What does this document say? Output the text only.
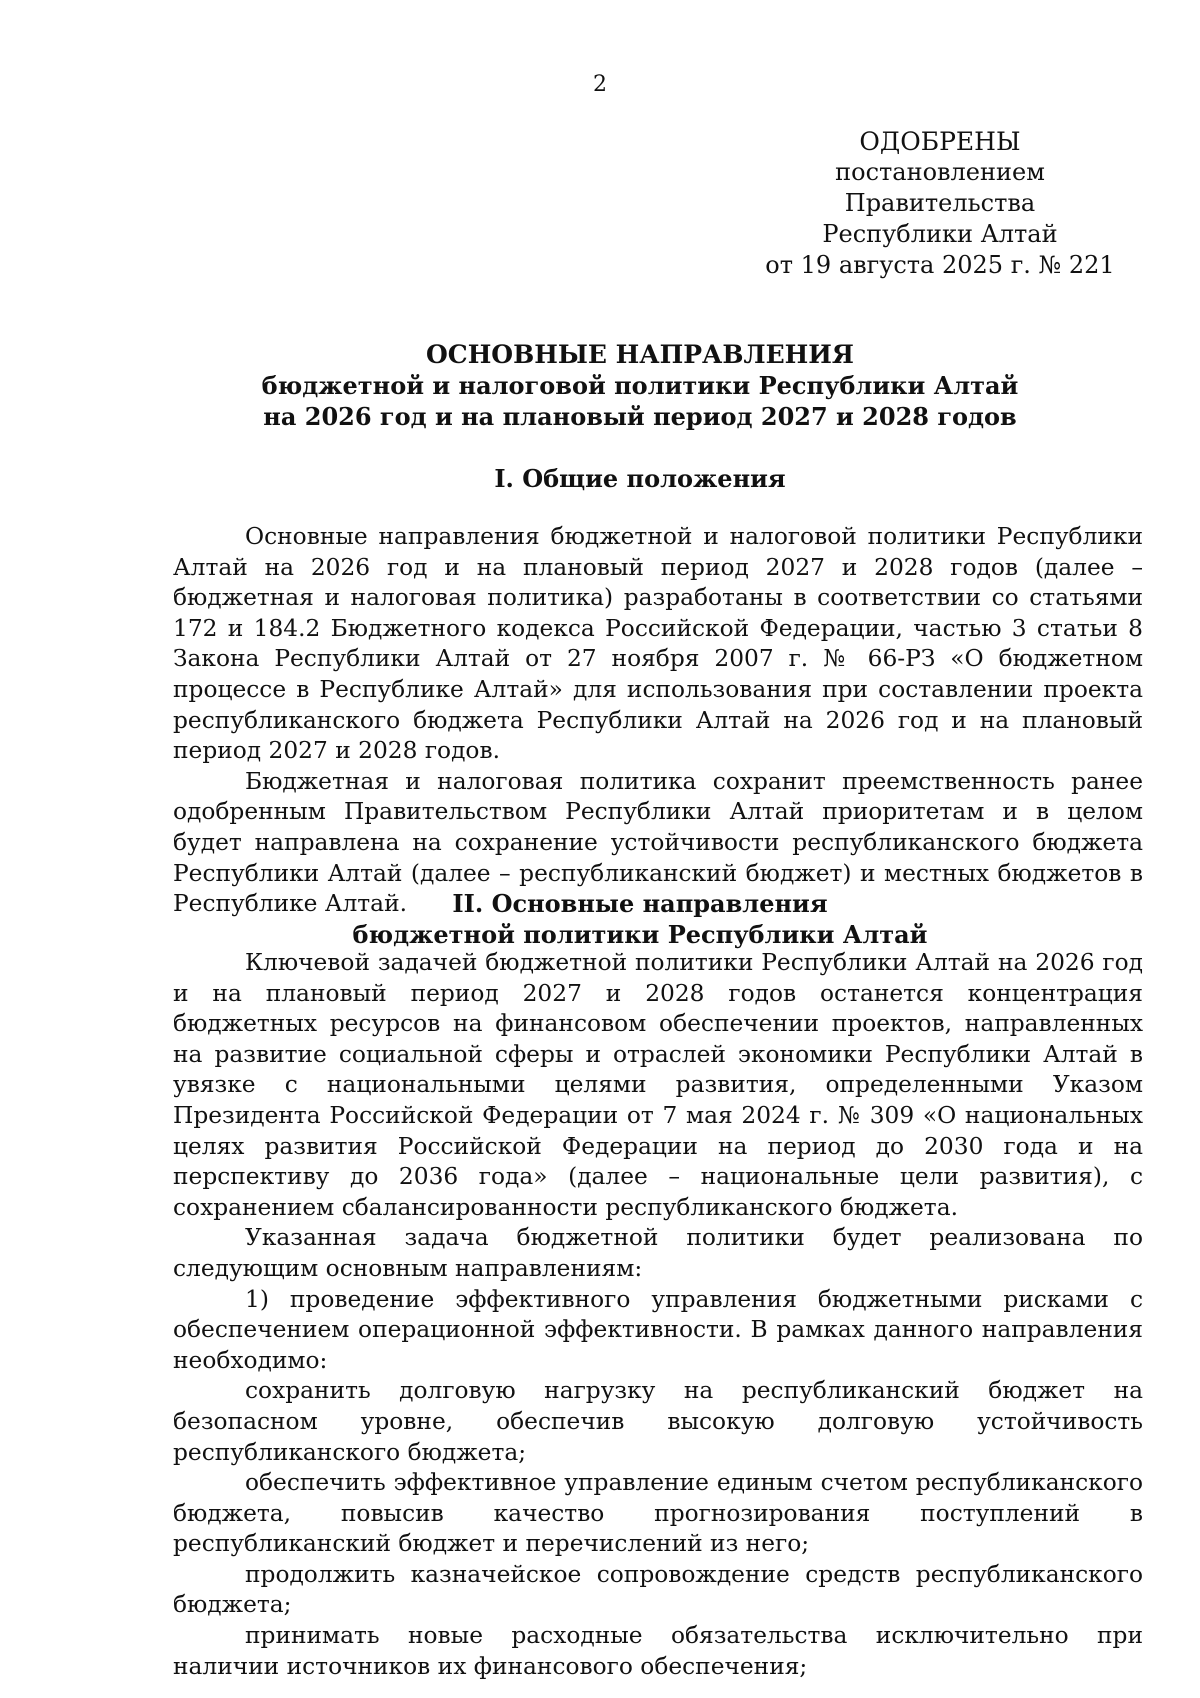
2
ОДОБРЕНЫ
постановлением Правительства
Республики Алтай
от 19 августа 2025 г. № 221
ОСНОВНЫЕ НАПРАВЛЕНИЯ
бюджетной и налоговой политики Республики Алтай
на 2026 год и на плановый период 2027 и 2028 годов
I. Общие положения

Основные направления бюджетной и налоговой политики Республики Алтай на 2026 год и на плановый период 2027 и 2028 годов (далее – бюджетная и налоговая политика) разработаны в соответствии со статьями 172 и 184.2 Бюджетного кодекса Российской Федерации, частью 3 статьи 8 Закона Республики Алтай от 27 ноября 2007 г. № 66-РЗ «О бюджетном процессе в Республике Алтай» для использования при составлении проекта республиканского бюджета Республики Алтай на 2026 год и на плановый период 2027 и 2028 годов.

Бюджетная и налоговая политика сохранит преемственность ранее одобренным Правительством Республики Алтай приоритетам и в целом будет направлена на сохранение устойчивости республиканского бюджета Республики Алтай (далее – республиканский бюджет) и местных бюджетов в Республике Алтай.	II. Основные направления
бюджетной политики Республики Алтай

Ключевой задачей бюджетной политики Республики Алтай на 2026 год и на плановый период 2027 и 2028 годов останется концентрация бюджетных ресурсов на финансовом обеспечении проектов, направленных на развитие социальной сферы и отраслей экономики Республики Алтай в увязке с национальными целями развития, определенными Указом Президента Российской Федерации от 7 мая 2024 г. № 309 «О национальных целях развития Российской Федерации на период до 2030 года и на перспективу до 2036 года» (далее – национальные цели развития), с сохранением сбалансированности республиканского бюджета.

Указанная задача бюджетной политики будет реализована по следующим основным направлениям:

1) проведение эффективного управления бюджетными рисками с обеспечением операционной эффективности. В рамках данного направления необходимо:

сохранить долговую нагрузку на республиканский бюджет на безопасном уровне, обеспечив высокую долговую устойчивость республиканского бюджета;

обеспечить эффективное управление единым счетом республиканского бюджета, повысив качество прогнозирования поступлений в республиканский бюджет и перечислений из него;

продолжить казначейское сопровождение средств республиканского бюджета;

принимать новые расходные обязательства исключительно при наличии источников их финансового обеспечения;
